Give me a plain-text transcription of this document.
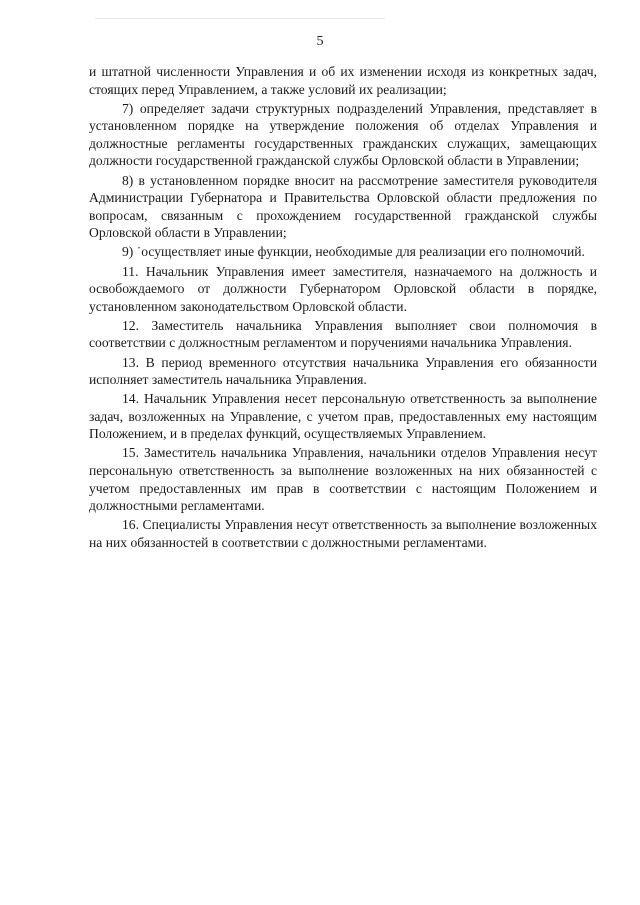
5

и штатной численности Управления и об их изменении исходя из конкретных задач, стоящих перед Управлением, а также условий их реализации;

7) определяет задачи структурных подразделений Управления, представляет в установленном порядке на утверждение положения об отделах Управления и должностные регламенты государственных гражданских служащих, замещающих должности государственной гражданской службы Орловской области в Управлении;

8) в установленном порядке вносит на рассмотрение заместителя руководителя Администрации Губернатора и Правительства Орловской области предложения по вопросам, связанным с прохождением государственной гражданской службы Орловской области в Управлении;

9) ˙осуществляет иные функции, необходимые для реализации его полномочий.

11. Начальник Управления имеет заместителя, назначаемого на должность и освобождаемого от должности Губернатором Орловской области в порядке, установленном законодательством Орловской области.

12. Заместитель начальника Управления выполняет свои полномочия в соответствии с должностным регламентом и поручениями начальника Управления.

13. В период временного отсутствия начальника Управления его обязанности исполняет заместитель начальника Управления.

14. Начальник Управления несет персональную ответственность за выполнение задач, возложенных на Управление, с учетом прав, предоставленных ему настоящим Положением, и в пределах функций, осуществляемых Управлением.

15. Заместитель начальника Управления, начальники отделов Управления несут персональную ответственность за выполнение возложенных на них обязанностей с учетом предоставленных им прав в соответствии с настоящим Положением и должностными регламентами.

16. Специалисты Управления несут ответственность за выполнение возложенных на них обязанностей в соответствии с должностными регламентами.
